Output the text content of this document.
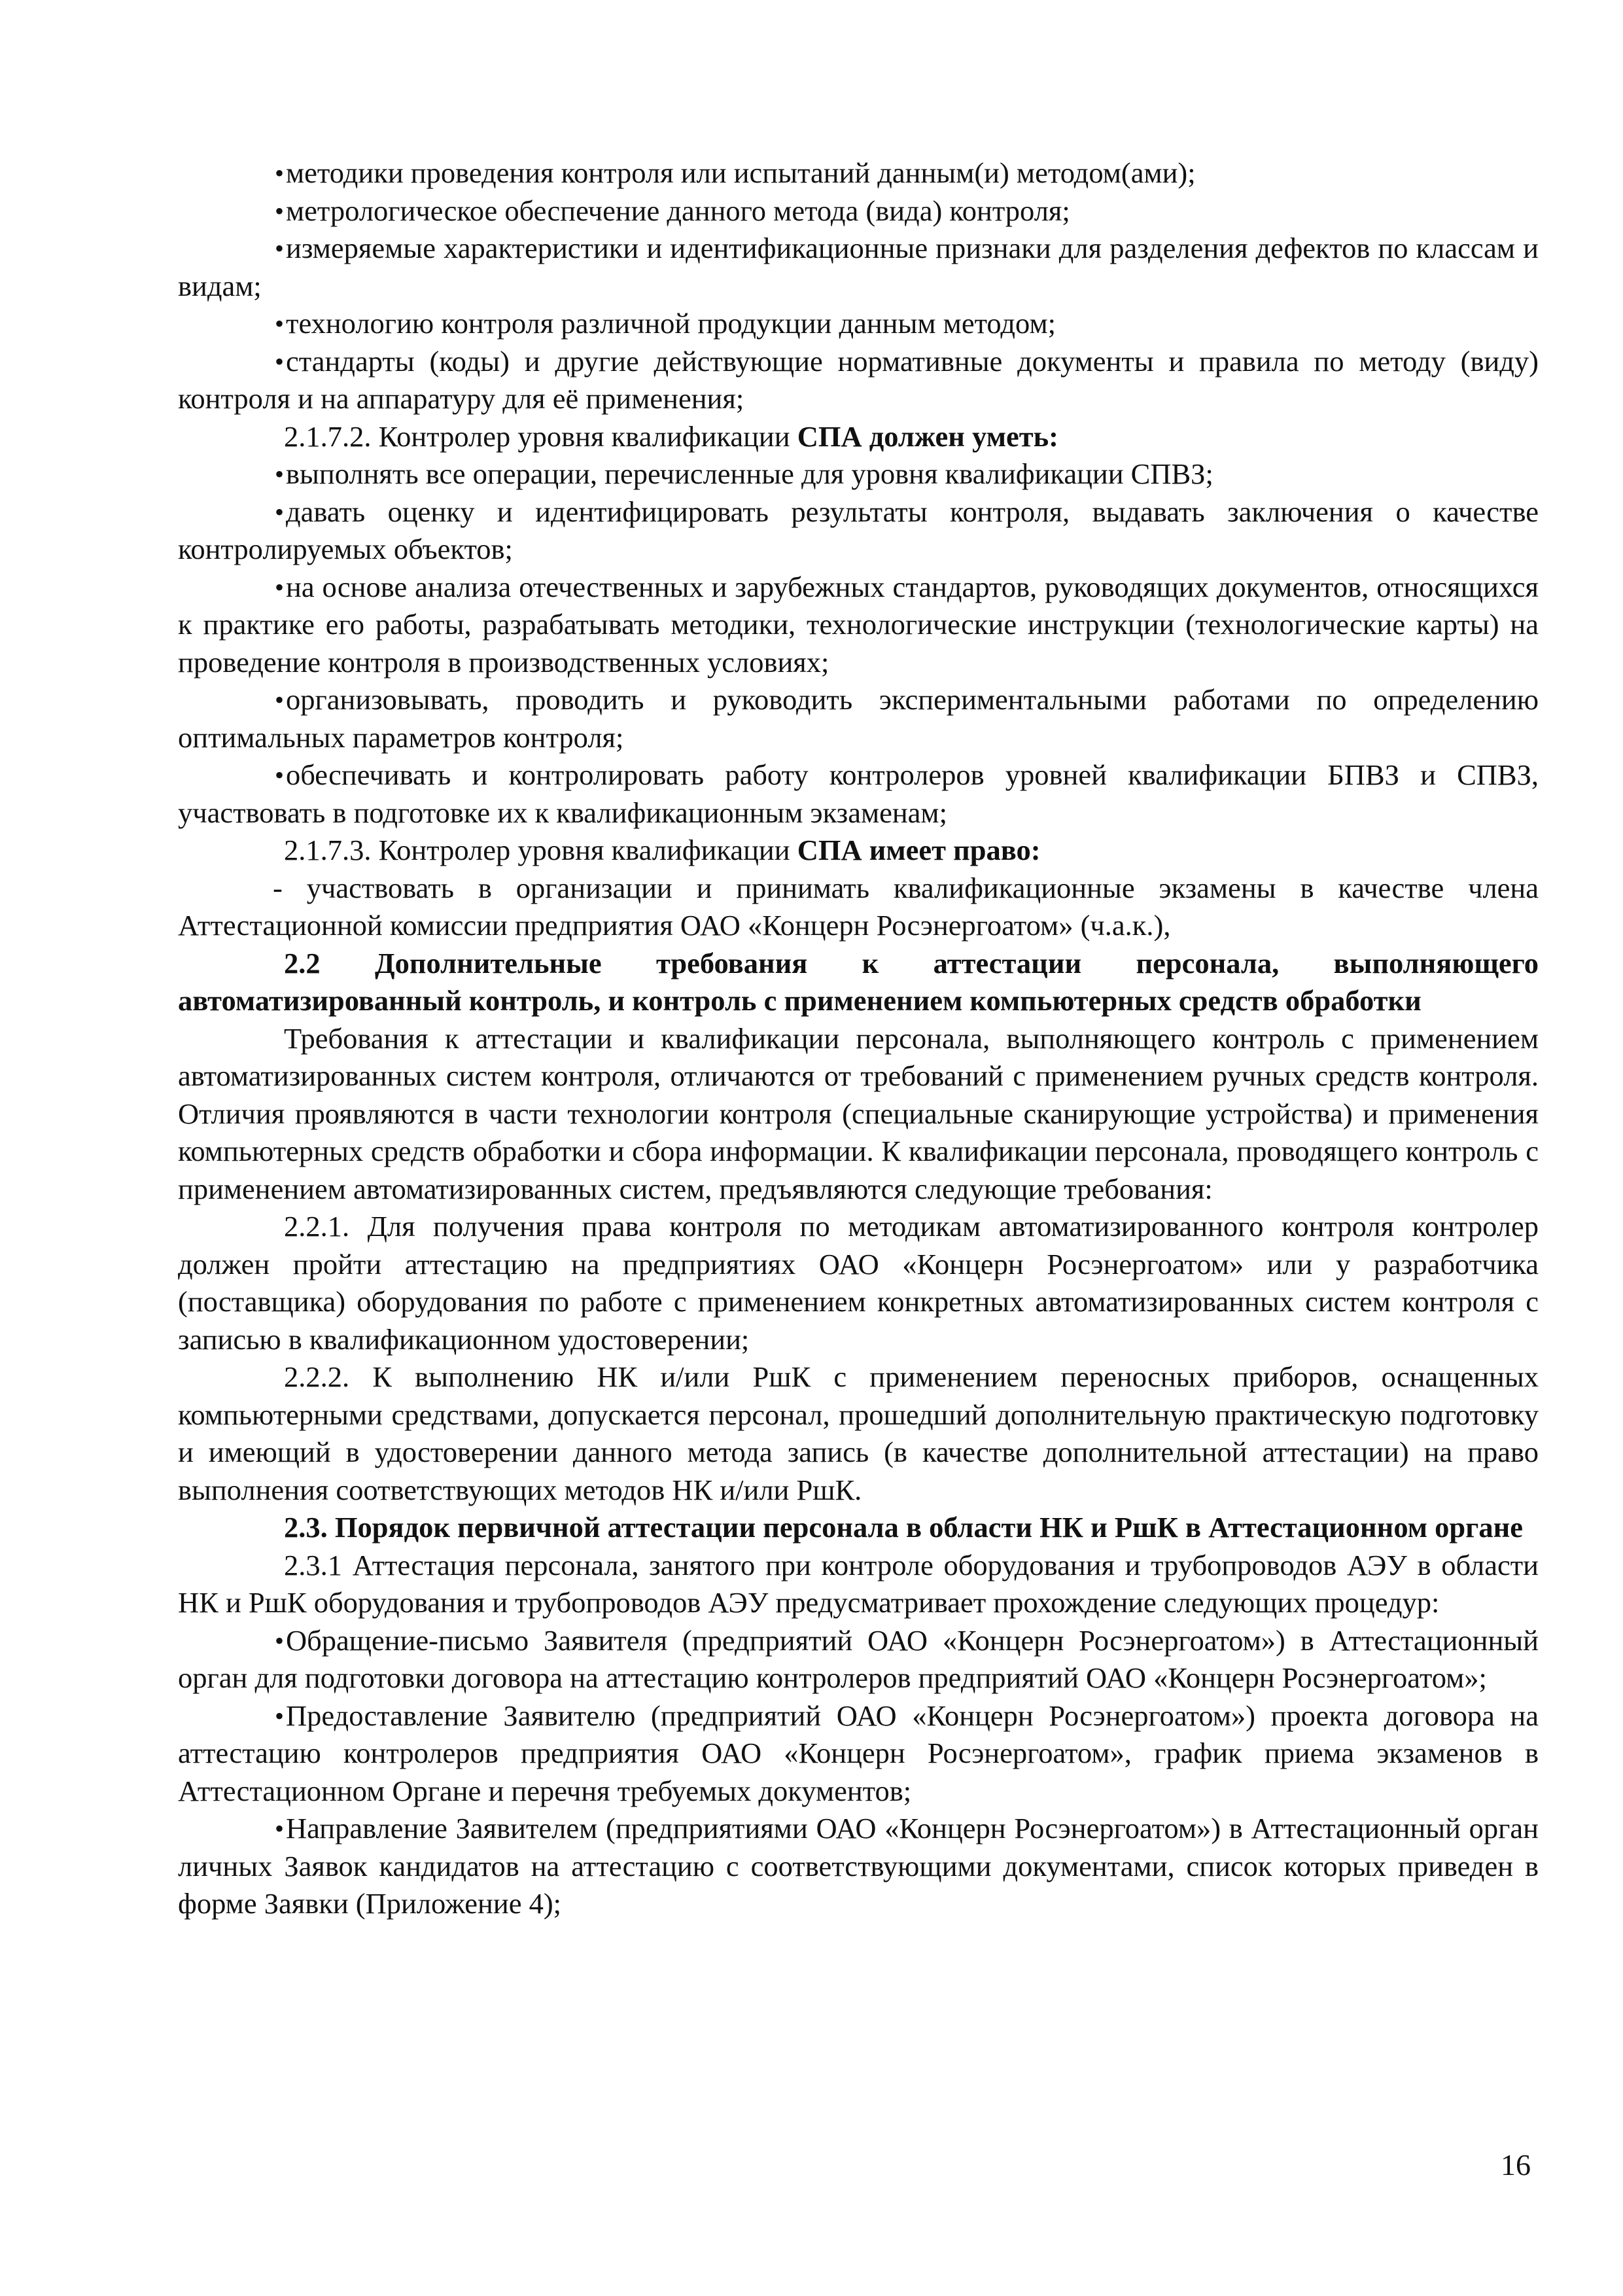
• методики проведения контроля или испытаний данным(и) методом(ами);

• метрологическое обеспечение данного метода (вида) контроля;

• измеряемые характеристики и идентификационные признаки для разделения дефектов по классам и видам;

• технологию контроля различной продукции данным методом;

• стандарты (коды) и другие действующие нормативные документы и правила по методу (виду) контроля и на аппаратуру для её применения;

2.1.7.2. Контролер уровня квалификации СПА должен уметь:

• выполнять все операции, перечисленные для уровня квалификации СПВЗ;

• давать оценку и идентифицировать результаты контроля, выдавать заключения о качестве контролируемых объектов;

• на основе анализа отечественных и зарубежных стандартов, руководящих документов, относящихся к практике его работы, разрабатывать методики, технологические инструкции (технологические карты) на проведение контроля в производственных условиях;

• организовывать, проводить и руководить экспериментальными работами по определению оптимальных параметров контроля;

• обеспечивать и контролировать работу контролеров уровней квалификации БПВЗ и СПВЗ, участвовать в подготовке их к квалификационным экзаменам;

2.1.7.3. Контролер уровня квалификации СПА имеет право:

- участвовать в организации и принимать квалификационные экзамены в качестве члена Аттестационной комиссии предприятия ОАО «Концерн Росэнергоатом» (ч.а.к.),

2.2 Дополнительные требования к аттестации персонала, выполняющего автоматизированный контроль, и контроль с применением компьютерных средств обработки

Требования к аттестации и квалификации персонала, выполняющего контроль с применением автоматизированных систем контроля, отличаются от требований с применением ручных средств контроля. Отличия проявляются в части технологии контроля (специальные сканирующие устройства) и применения компьютерных средств обработки и сбора информации. К квалификации персонала, проводящего контроль с применением автоматизированных систем, предъявляются следующие требования:

2.2.1. Для получения права контроля по методикам автоматизированного контроля контролер должен пройти аттестацию на предприятиях ОАО «Концерн Росэнергоатом» или у разработчика (поставщика) оборудования по работе с применением конкретных автоматизированных систем контроля с записью в квалификационном удостоверении;

2.2.2. К выполнению НК и/или РшК с применением переносных приборов, оснащенных компьютерными средствами, допускается персонал, прошедший дополнительную практическую подготовку и имеющий в удостоверении данного метода запись (в качестве дополнительной аттестации) на право выполнения соответствующих методов НК и/или РшК.

2.3. Порядок первичной аттестации персонала в области НК и РшК в Аттестационном органе

2.3.1 Аттестация персонала, занятого при контроле оборудования и трубопроводов АЭУ в области НК и РшК оборудования и трубопроводов АЭУ предусматривает прохождение следующих процедур:

• Обращение-письмо Заявителя (предприятий ОАО «Концерн Росэнергоатом») в Аттестационный орган для подготовки договора на аттестацию контролеров предприятий ОАО «Концерн Росэнергоатом»;

• Предоставление Заявителю (предприятий ОАО «Концерн Росэнергоатом») проекта договора на аттестацию контролеров предприятия ОАО «Концерн Росэнергоатом», график приема экзаменов в Аттестационном Органе и перечня требуемых документов;

• Направление Заявителем (предприятиями ОАО «Концерн Росэнергоатом») в Аттестационный орган личных Заявок кандидатов на аттестацию с соответствующими документами, список которых приведен в форме Заявки (Приложение 4);

16
